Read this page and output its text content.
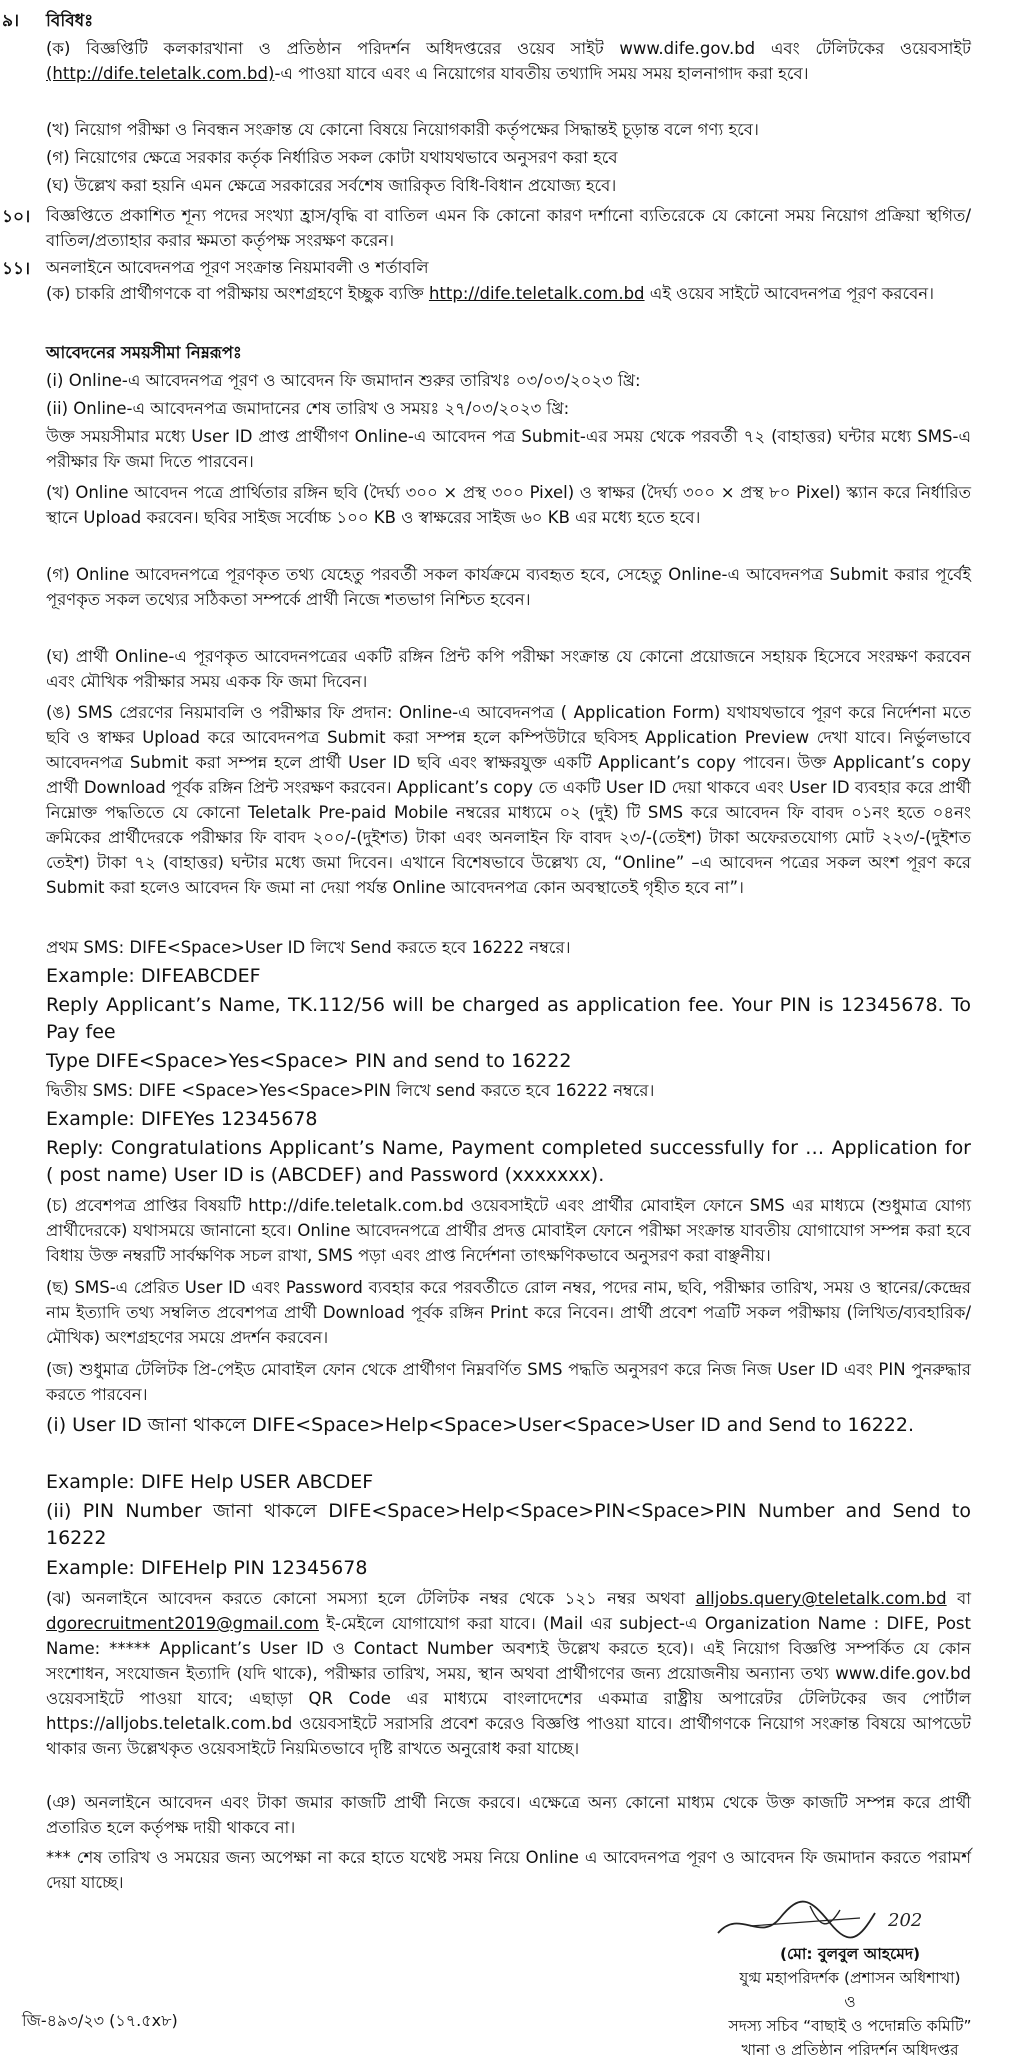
৯। বিবিধঃ
(ক) বিজ্ঞপ্তিটি কলকারখানা ও প্রতিষ্ঠান পরিদর্শন অধিদপ্তরের ওয়েব সাইট www.dife.gov.bd এবং টেলিটকের ওয়েবসাইট (http://dife.teletalk.com.bd)-এ পাওয়া যাবে এবং এ নিয়োগের যাবতীয় তথ্যাদি সময় সময় হালনাগাদ করা হবে।
(খ) নিয়োগ পরীক্ষা ও নিবন্ধন সংক্রান্ত যে কোনো বিষয়ে নিয়োগকারী কর্তৃপক্ষের সিদ্ধান্তই চূড়ান্ত বলে গণ্য হবে।
(গ) নিয়োগের ক্ষেত্রে সরকার কর্তৃক নির্ধারিত সকল কোটা যথাযথভাবে অনুসরণ করা হবে
(ঘ) উল্লেখ করা হয়নি এমন ক্ষেত্রে সরকারের সর্বশেষ জারিকৃত বিধি-বিধান প্রযোজ্য হবে।
১০। বিজ্ঞপ্তিতে প্রকাশিত শূন্য পদের সংখ্যা হ্রাস/বৃদ্ধি বা বাতিল এমন কি কোনো কারণ দর্শানো ব্যতিরেকে যে কোনো সময় নিয়োগ প্রক্রিয়া স্থগিত/বাতিল/প্রত্যাহার করার ক্ষমতা কর্তৃপক্ষ সংরক্ষণ করেন।
১১। অনলাইনে আবেদনপত্র পূরণ সংক্রান্ত নিয়মাবলী ও শর্তাবলি
(ক) চাকরি প্রার্থীগণকে বা পরীক্ষায় অংশগ্রহণে ইচ্ছুক ব্যক্তি http://dife.teletalk.com.bd এই ওয়েব সাইটে আবেদনপত্র পূরণ করবেন।
আবেদনের সময়সীমা নিম্নরূপঃ
(i) Online-এ আবেদনপত্র পূরণ ও আবেদন ফি জমাদান শুরুর তারিখঃ ০৩/০৩/২০২৩ খ্রি:
(ii) Online-এ আবেদনপত্র জমাদানের শেষ তারিখ ও সময়ঃ ২৭/০৩/২০২৩ খ্রি:
উক্ত সময়সীমার মধ্যে User ID প্রাপ্ত প্রার্থীগণ Online-এ আবেদন পত্র Submit-এর সময় থেকে পরবর্তী ৭২ (বাহাত্তর) ঘন্টার মধ্যে SMS-এ পরীক্ষার ফি জমা দিতে পারবেন।
(খ) Online আবেদন পত্রে প্রার্থিতার রঙ্গিন ছবি (দৈর্ঘ্য ৩০০ × প্রস্থ ৩০০ Pixel) ও স্বাক্ষর (দৈর্ঘ্য ৩০০ × প্রস্থ ৮০ Pixel) স্ক্যান করে নির্ধারিত স্থানে Upload করবেন। ছবির সাইজ সর্বোচ্চ ১০০ KB ও স্বাক্ষরের সাইজ ৬০ KB এর মধ্যে হতে হবে।
(গ) Online আবেদনপত্রে পূরণকৃত তথ্য যেহেতু পরবর্তী সকল কার্যক্রমে ব্যবহৃত হবে, সেহেতু Online-এ আবেদনপত্র Submit করার পূর্বেই পূরণকৃত সকল তথ্যের সঠিকতা সম্পর্কে প্রার্থী নিজে শতভাগ নিশ্চিত হবেন।
(ঘ) প্রার্থী Online-এ পূরণকৃত আবেদনপত্রের একটি রঙ্গিন প্রিন্ট কপি পরীক্ষা সংক্রান্ত যে কোনো প্রয়োজনে সহায়ক হিসেবে সংরক্ষণ করবেন এবং মৌখিক পরীক্ষার সময় একক ফি জমা দিবেন।
(ঙ) SMS প্রেরণের নিয়মাবলি ও পরীক্ষার ফি প্রদান: Online-এ আবেদনপত্র ( Application Form) যথাযথভাবে পূরণ করে নির্দেশনা মতে ছবি ও স্বাক্ষর Upload করে আবেদনপত্র Submit করা সম্পন্ন হলে কম্পিউটারে ছবিসহ Application Preview দেখা যাবে। নির্ভুলভাবে আবেদনপত্র Submit করা সম্পন্ন হলে প্রার্থী User ID ছবি এবং স্বাক্ষরযুক্ত একটি Applicant’s copy পাবেন। উক্ত Applicant’s copy প্রার্থী Download পূর্বক রঙ্গিন প্রিন্ট সংরক্ষণ করবেন। Applicant’s copy তে একটি User ID দেয়া থাকবে এবং User ID ব্যবহার করে প্রার্থী নিম্নোক্ত পদ্ধতিতে যে কোনো Teletalk Pre-paid Mobile নম্বরের মাধ্যমে ০২ (দুই) টি SMS করে আবেদন ফি বাবদ ০১নং হতে ০৪নং ক্রমিকের প্রার্থীদেরকে পরীক্ষার ফি বাবদ ২০০/-(দুইশত) টাকা এবং অনলাইন ফি বাবদ ২৩/-(তেইশ) টাকা অফেরতযোগ্য মোট ২২৩/-(দুইশত তেইশ) টাকা ৭২ (বাহাত্তর) ঘন্টার মধ্যে জমা দিবেন। এখানে বিশেষভাবে উল্লেখ্য যে, “Online” –এ আবেদন পত্রের সকল অংশ পূরণ করে Submit করা হলেও আবেদন ফি জমা না দেয়া পর্যন্ত Online আবেদনপত্র কোন অবস্থাতেই গৃহীত হবে না”।
প্রথম SMS: DIFE<Space>User ID লিখে Send করতে হবে 16222 নম্বরে।
Example: DIFEABCDEF
Reply Applicant’s Name, TK.112/56 will be charged as application fee. Your PIN is 12345678. To Pay fee
Type DIFE<Space>Yes<Space> PIN and send to 16222
দ্বিতীয় SMS: DIFE <Space>Yes<Space>PIN লিখে send করতে হবে 16222 নম্বরে।
Example: DIFEYes 12345678
Reply: Congratulations Applicant’s Name, Payment completed successfully for … Application for ( post name) User ID is (ABCDEF) and Password (xxxxxxx).
(চ) প্রবেশপত্র প্রাপ্তির বিষয়টি http://dife.teletalk.com.bd ওয়েবসাইটে এবং প্রার্থীর মোবাইল ফোনে SMS এর মাধ্যমে (শুধুমাত্র যোগ্য প্রার্থীদেরকে) যথাসময়ে জানানো হবে। Online আবেদনপত্রে প্রার্থীর প্রদত্ত মোবাইল ফোনে পরীক্ষা সংক্রান্ত যাবতীয় যোগাযোগ সম্পন্ন করা হবে বিধায় উক্ত নম্বরটি সার্বক্ষণিক সচল রাখা, SMS পড়া এবং প্রাপ্ত নির্দেশনা তাৎক্ষণিকভাবে অনুসরণ করা বাঞ্ছনীয়।
(ছ) SMS-এ প্রেরিত User ID এবং Password ব্যবহার করে পরবর্তীতে রোল নম্বর, পদের নাম, ছবি, পরীক্ষার তারিখ, সময় ও স্থানের/কেন্দ্রের নাম ইত্যাদি তথ্য সম্বলিত প্রবেশপত্র প্রার্থী Download পূর্বক রঙ্গিন Print করে নিবেন। প্রার্থী প্রবেশ পত্রটি সকল পরীক্ষায় (লিখিত/ব্যবহারিক/মৌখিক) অংশগ্রহণের সময়ে প্রদর্শন করবেন।
(জ) শুধুমাত্র টেলিটক প্রি-পেইড মোবাইল ফোন থেকে প্রার্থীগণ নিম্নবর্ণিত SMS পদ্ধতি অনুসরণ করে নিজ নিজ User ID এবং PIN পুনরুদ্ধার করতে পারবেন।
(i) User ID জানা থাকলে DIFE<Space>Help<Space>User<Space>User ID and Send to 16222.
Example: DIFE Help USER ABCDEF
(ii) PIN Number জানা থাকলে DIFE<Space>Help<Space>PIN<Space>PIN Number and Send to 16222
Example: DIFEHelp PIN 12345678
(ঝ) অনলাইনে আবেদন করতে কোনো সমস্যা হলে টেলিটক নম্বর থেকে ১২১ নম্বর অথবা alljobs.query@teletalk.com.bd বা dgorecruitment2019@gmail.com ই-মেইলে যোগাযোগ করা যাবে। (Mail এর subject-এ Organization Name : DIFE, Post Name: ***** Applicant’s User ID ও Contact Number অবশ্যই উল্লেখ করতে হবে)। এই নিয়োগ বিজ্ঞপ্তি সম্পর্কিত যে কোন সংশোধন, সংযোজন ইত্যাদি (যদি থাকে), পরীক্ষার তারিখ, সময়, স্থান অথবা প্রার্থীগণের জন্য প্রয়োজনীয় অন্যান্য তথ্য www.dife.gov.bd ওয়েবসাইটে পাওয়া যাবে; এছাড়া QR Code এর মাধ্যমে বাংলাদেশের একমাত্র রাষ্ট্রীয় অপারেটর টেলিটকের জব পোর্টাল https://alljobs.teletalk.com.bd ওয়েবসাইটে সরাসরি প্রবেশ করেও বিজ্ঞপ্তি পাওয়া যাবে। প্রার্থীগণকে নিয়োগ সংক্রান্ত বিষয়ে আপডেট থাকার জন্য উল্লেখকৃত ওয়েবসাইটে নিয়মিতভাবে দৃষ্টি রাখতে অনুরোধ করা যাচ্ছে।
(ঞ) অনলাইনে আবেদন এবং টাকা জমার কাজটি প্রার্থী নিজে করবে। এক্ষেত্রে অন্য কোনো মাধ্যম থেকে উক্ত কাজটি সম্পন্ন করে প্রার্থী প্রতারিত হলে কর্তৃপক্ষ দায়ী থাকবে না।
*** শেষ তারিখ ও সময়ের জন্য অপেক্ষা না করে হাতে যথেষ্ট সময় নিয়ে Online এ আবেদনপত্র পূরণ ও আবেদন ফি জমাদান করতে পরামর্শ দেয়া যাচ্ছে।
202
(মো: বুলবুল আহমেদ)
যুগ্ম মহাপরিদর্শক (প্রশাসন অধিশাখা)
ও
সদস্য সচিব “বাছাই ও পদোন্নতি কমিটি”
খানা ও প্রতিষ্ঠান পরিদর্শন অধিদপ্তর
জি-৪৯৩/২৩ (১৭.৫x৮)
